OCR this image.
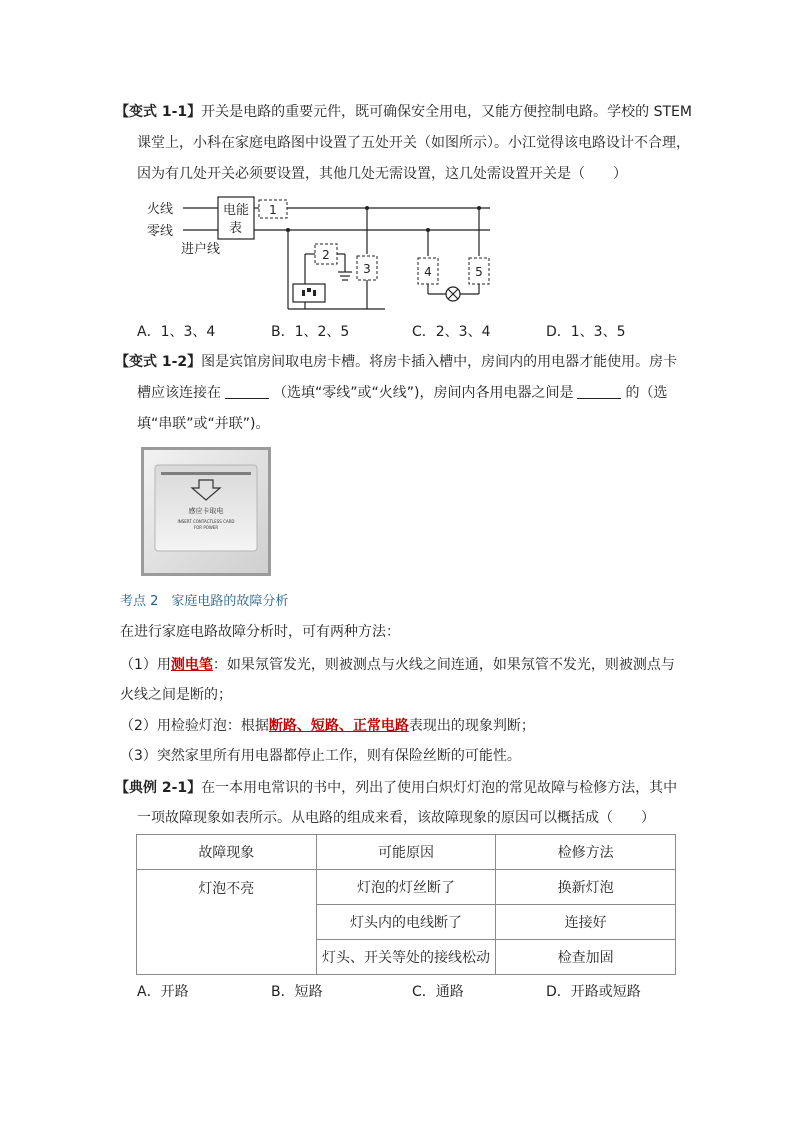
【变式 1-1】开关是电路的重要元件，既可确保安全用电，又能方便控制电路。学校的 STEM
课堂上，小科在家庭电路图中设置了五处开关（如图所示）。小江觉得该电路设计不合理，
因为有几处开关必须要设置，其他几处无需设置，这几处需设置开关是（　　）
火线
零线
进户线
电能
表
1
2
3	4	5
A．1、3、4	B．1、2、5	C．2、3、4	D．1、3、5
【变式 1-2】图是宾馆房间取电房卡槽。将房卡插入槽中，房间内的用电器才能使用。房卡
槽应该连接在	（选填“零线”或“火线”)，房间内各用电器之间是	的（选
填“串联”或“并联”)。
感应卡取电
INSERT CONTACTLESS CARD
FOR POWER
考点 2　家庭电路的故障分析
在进行家庭电路故障分析时，可有两种方法：
（1）用测电笔：如果氖管发光，则被测点与火线之间连通，如果氖管不发光，则被测点与
火线之间是断的；
（2）用检验灯泡：根据断路、短路、正常电路表现出的现象判断；
（3）突然家里所有用电器都停止工作，则有保险丝断的可能性。
【典例 2-1】在一本用电常识的书中，列出了使用白炽灯灯泡的常见故障与检修方法，其中
一项故障现象如表所示。从电路的组成来看，该故障现象的原因可以概括成（　　）
故障现象	可能原因	检修方法
灯泡不亮	灯泡的灯丝断了	换新灯泡
	灯头内的电线断了	连接好
	灯头、开关等处的接线松动	检查加固
A．开路	B．短路	C．通路	D．开路或短路
